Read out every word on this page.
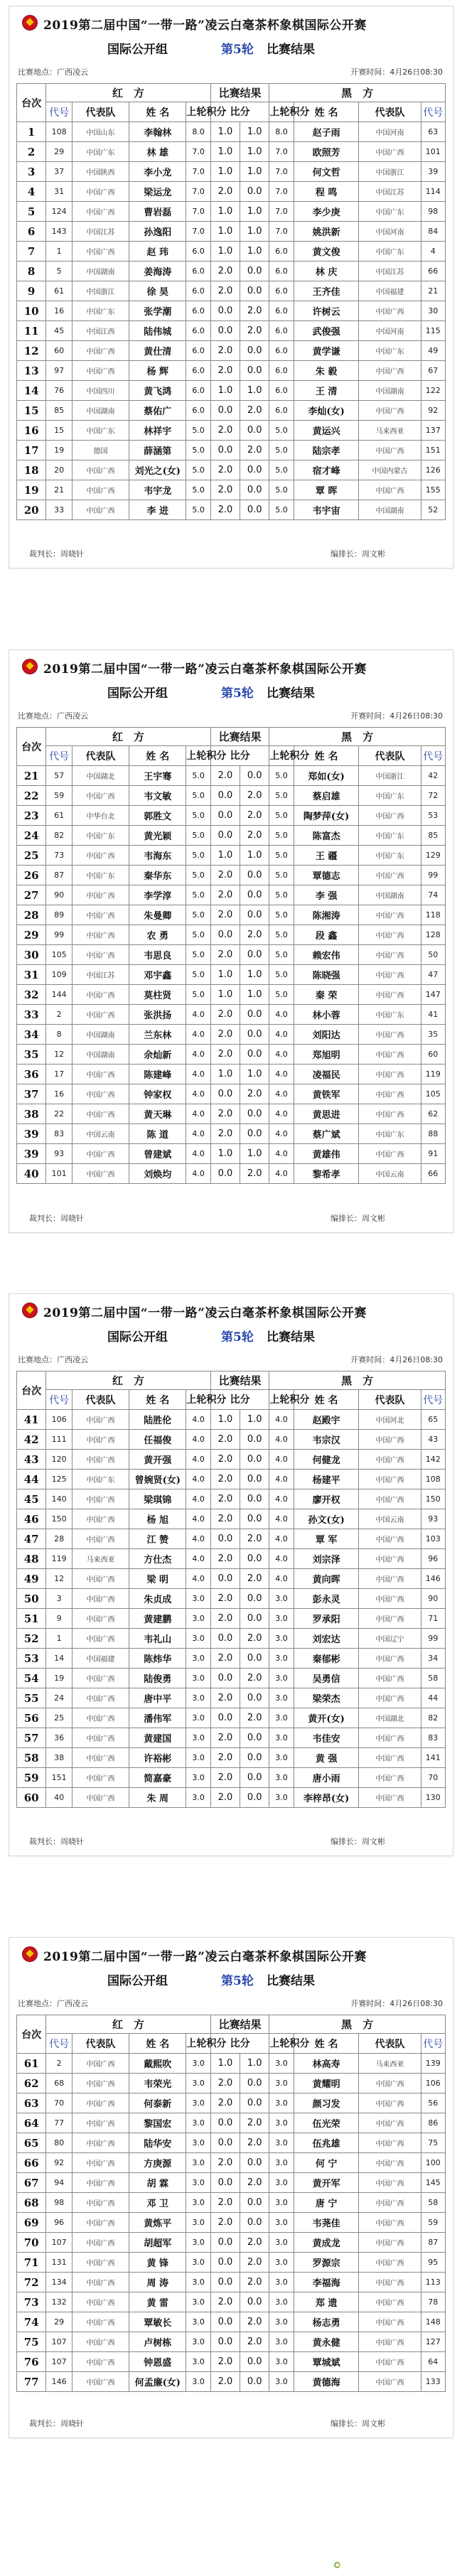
2019第二届中国“一带一路”凌云白毫茶杯象棋国际公开赛
国际公开组	第5轮 比赛结果
比赛地点：广西凌云	开赛时间：4月26日08:30
台次	红　方				比赛结果		黑　方			
	代号	代表队	姓 名	上轮积分	比分		上轮积分	姓 名	代表队	代号
1	108	中国山东	李翰林	8.0	1.0	1.0	8.0	赵子雨	中国河南	63
2	29	中国广东	林 雄	7.0	1.0	1.0	7.0	欧照芳	中国广西	101
3	37	中国陕西	李小龙	7.0	1.0	1.0	7.0	何文哲	中国浙江	39
4	31	中国广西	梁运龙	7.0	2.0	0.0	7.0	程 鸣	中国江苏	114
5	124	中国广西	曹岩磊	7.0	1.0	1.0	7.0	李少庚	中国广东	98
6	143	中国江苏	孙逸阳	7.0	1.0	1.0	7.0	姚洪新	中国河南	84
7	1	中国广西	赵 玮	6.0	1.0	1.0	6.0	黄文俊	中国广东	4
8	5	中国湖南	姜海涛	6.0	2.0	0.0	6.0	林 庆	中国江苏	66
9	61	中国浙江	徐 昊	6.0	2.0	0.0	6.0	王齐佳	中国福建	21
10	16	中国广东	张学潮	6.0	0.0	2.0	6.0	许树云	中国广西	30
11	45	中国江西	陆伟城	6.0	0.0	2.0	6.0	武俊强	中国河南	115
12	60	中国广西	黄仕清	6.0	2.0	0.0	6.0	黄学谦	中国广东	49
13	97	中国广西	杨 辉	6.0	2.0	0.0	6.0	朱 毅	中国广西	67
14	76	中国四川	黄飞鸿	6.0	1.0	1.0	6.0	王 清	中国湖南	122
15	85	中国湖南	蔡佑广	6.0	0.0	2.0	6.0	李灿(女)	中国广西	92
16	15	中国广东	林祥宇	5.0	2.0	0.0	5.0	黄运兴	马来西亚	137
17	19	德国	薛涵第	5.0	0.0	2.0	5.0	陆宗孝	中国广西	151
18	20	中国广西	刘光之(女)	5.0	2.0	0.0	5.0	宿才峰	中国内蒙古	126
19	21	中国广西	韦宇龙	5.0	2.0	0.0	5.0	覃 晖	中国广西	155
20	33	中国广西	李 进	5.0	2.0	0.0	5.0	韦宇宙	中国湖南	52
裁判长：周晓针	编排长：周文彬
2019第二届中国“一带一路”凌云白毫茶杯象棋国际公开赛
国际公开组	第5轮 比赛结果
比赛地点：广西凌云	开赛时间：4月26日08:30
台次	红　方				比赛结果		黑　方			
	代号	代表队	姓 名	上轮积分	比分		上轮积分	姓 名	代表队	代号
21	57	中国湖北	王宇骞	5.0	2.0	0.0	5.0	郑如(女)	中国浙江	42
22	59	中国广西	韦文敏	5.0	0.0	2.0	5.0	蔡启雄	中国广东	72
23	61	中华台北	郭胜文	5.0	0.0	2.0	5.0	陶梦萍(女)	中国广西	53
24	82	中国广东	黄光颖	5.0	0.0	2.0	5.0	陈富杰	中国广东	85
25	73	中国广西	韦海东	5.0	1.0	1.0	5.0	王 疆	中国广东	129
26	87	中国广东	秦华东	5.0	2.0	0.0	5.0	覃德志	中国广西	99
27	90	中国广西	李学淳	5.0	2.0	0.0	5.0	李 强	中国湖南	74
28	89	中国广西	朱曼卿	5.0	2.0	0.0	5.0	陈湘涛	中国广西	118
29	99	中国广西	农 勇	5.0	0.0	2.0	5.0	段 鑫	中国广西	128
30	105	中国广西	韦思良	5.0	2.0	0.0	5.0	赖宏伟	中国广西	50
31	109	中国江苏	邓宇鑫	5.0	1.0	1.0	5.0	陈晓强	中国广西	47
32	144	中国广西	莫柱贤	5.0	1.0	1.0	5.0	秦 荣	中国广西	147
33	2	中国广西	张洪扬	4.0	2.0	0.0	4.0	林小蓉	中国广东	41
34	8	中国湖南	兰东林	4.0	2.0	0.0	4.0	刘阳达	中国广西	35
35	12	中国湖南	余灿新	4.0	2.0	0.0	4.0	郑旭明	中国广西	60
36	17	中国广西	陈建峰	4.0	1.0	1.0	4.0	凌福民	中国广西	119
37	16	中国广西	钟家权	4.0	0.0	2.0	4.0	黄铁军	中国广西	105
38	22	中国广西	黄天琳	4.0	2.0	0.0	4.0	黄思进	中国广西	62
39	83	中国云南	陈 道	4.0	2.0	0.0	4.0	蔡广斌	中国广东	88
39	93	中国广西	曾建斌	4.0	1.0	1.0	4.0	黄雄伟	中国广西	91
40	101	中国广西	刘焕均	4.0	0.0	2.0	4.0	黎希孝	中国云南	66
裁判长：周晓针	编排长：周文彬
2019第二届中国“一带一路”凌云白毫茶杯象棋国际公开赛
国际公开组	第5轮 比赛结果
比赛地点：广西凌云	开赛时间：4月26日08:30
台次	红　方				比赛结果		黑　方			
	代号	代表队	姓 名	上轮积分	比分		上轮积分	姓 名	代表队	代号
41	106	中国广西	陆胜伦	4.0	1.0	1.0	4.0	赵殿宇	中国河北	65
42	111	中国广西	任福俊	4.0	2.0	0.0	4.0	韦宗汉	中国广西	43
43	120	中国广西	黄开强	4.0	2.0	0.0	4.0	何健龙	中国广西	142
44	125	中国广东	曾婉贤(女)	4.0	2.0	0.0	4.0	杨建平	中国广西	108
45	140	中国广西	梁琪锦	4.0	2.0	0.0	4.0	廖开权	中国广西	150
46	150	中国广西	杨 旭	4.0	2.0	0.0	4.0	孙文(女)	中国云南	93
47	28	中国广西	江 赞	4.0	0.0	2.0	4.0	覃 军	中国广西	103
48	119	马来西亚	方仕杰	4.0	2.0	0.0	4.0	刘宗泽	中国广西	96
49	12	中国广西	梁 明	4.0	0.0	2.0	4.0	黄向晖	中国广西	146
50	3	中国广西	朱贞成	3.0	2.0	0.0	3.0	彭永灵	中国广西	90
51	9	中国广西	黄建鹏	3.0	2.0	0.0	3.0	罗承阳	中国广西	71
52	1	中国广西	韦礼山	3.0	0.0	2.0	3.0	刘宏达	中国辽宁	99
53	14	中国福建	陈炜华	3.0	2.0	0.0	3.0	秦郁彬	中国广西	34
54	19	中国广西	陆俊勇	3.0	0.0	2.0	3.0	吴勇信	中国广西	58
55	24	中国广西	唐中平	3.0	2.0	0.0	3.0	梁荣杰	中国广西	44
56	25	中国广西	潘伟军	3.0	0.0	2.0	3.0	黄开(女)	中国湖北	82
57	36	中国广西	黄建国	3.0	2.0	0.0	3.0	韦佳安	中国广西	83
58	38	中国广西	许裕彬	3.0	2.0	0.0	3.0	黄 强	中国广西	141
59	151	中国广西	简嘉豪	3.0	2.0	0.0	3.0	唐小雨	中国广西	70
60	40	中国广西	朱 周	3.0	2.0	0.0	3.0	李梓昂(女)	中国广西	130
裁判长：周晓针	编排长：周文彬
2019第二届中国“一带一路”凌云白毫茶杯象棋国际公开赛
国际公开组	第5轮 比赛结果
比赛地点：广西凌云	开赛时间：4月26日08:30
台次	红　方				比赛结果		黑　方			
	代号	代表队	姓 名	上轮积分	比分		上轮积分	姓 名	代表队	代号
61	2	中国广西	戴熙吹	3.0	1.0	1.0	3.0	林高寿	马来西亚	139
62	68	中国广西	韦荣光	3.0	2.0	0.0	3.0	黄耀明	中国广西	106
63	70	中国广西	何泰新	3.0	2.0	0.0	3.0	颜习发	中国广西	56
64	77	中国广西	黎国宏	3.0	0.0	2.0	3.0	伍光荣	中国广西	86
65	80	中国广西	陆华安	3.0	0.0	2.0	3.0	伍兆雄	中国广西	75
66	92	中国广西	方庚源	3.0	2.0	0.0	3.0	何 宁	中国广西	100
67	94	中国广西	胡 霖	3.0	0.0	2.0	3.0	黄开军	中国广西	145
68	98	中国广西	邓 卫	3.0	2.0	0.0	3.0	唐 宁	中国广西	58
69	96	中国广西	黄炼平	3.0	2.0	0.0	3.0	韦荛佳	中国广西	59
70	107	中国广西	胡超军	3.0	0.0	2.0	3.0	黄成龙	中国广西	87
71	131	中国广西	黄 锋	3.0	0.0	2.0	3.0	罗源宗	中国广西	95
72	134	中国广西	周 涛	3.0	0.0	2.0	3.0	李福海	中国广西	113
73	132	中国广西	黄 雷	3.0	2.0	0.0	3.0	郑 遗	中国广西	78
74	29	中国广西	覃敏长	3.0	0.0	2.0	3.0	杨志勇	中国广西	148
75	107	中国广西	卢树栋	3.0	0.0	2.0	3.0	黄永健	中国广西	127
76	107	中国广西	钟恩盛	3.0	2.0	0.0	3.0	覃城斌	中国广西	64
77	146	中国广西	何孟廉(女)	3.0	2.0	0.0	3.0	黄德海	中国广西	133
裁判长：周晓针	编排长：周文彬
